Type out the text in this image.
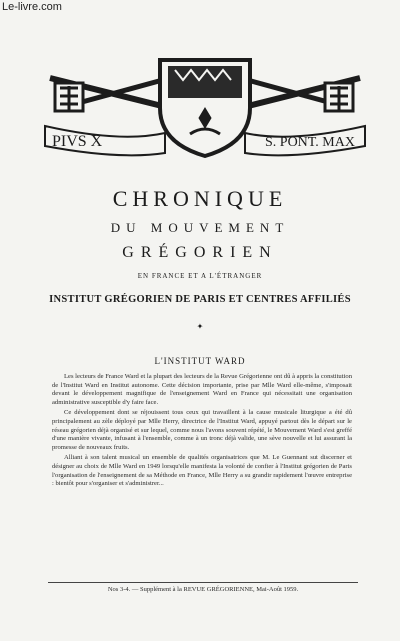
Le-livre.com
PIVS X	S. PONT. MAX
CHRONIQUE
DU MOUVEMENT
GRÉGORIEN
EN FRANCE ET A L'ÉTRANGER
INSTITUT GRÉGORIEN DE PARIS ET CENTRES AFFILIÉS
✦
L'INSTITUT WARD

Les lecteurs de France Ward et la plupart des lecteurs de la Revue Grégorienne ont dû à appris la constitution de l'Institut Ward en Institut autonome. Cette décision importante, prise par Mlle Ward elle-même, s'imposait devant le développement magnifique de l'enseignement Ward en France qui nécessitait une organisation administrative susceptible d'y faire face.

Ce développement dont se réjouissent tous ceux qui travaillent à la cause musicale liturgique a été dû principalement au zèle déployé par Mlle Herry, directrice de l'Institut Ward, appuyé partout dès le départ sur le réseau grégorien déjà organisé et sur lequel, comme nous l'avons souvent répété, le Mouvement Ward s'est greffé d'une manière vivante, infusant à l'ensemble, comme à un tronc déjà valide, une sève nouvelle et lui assurant la promesse de nouveaux fruits.

Alliant à son talent musical un ensemble de qualités organisatrices que M. Le Guennant sut discerner et désigner au choix de Mlle Ward en 1949 lorsqu'elle manifesta la volonté de confier à l'Institut grégorien de Paris l'organisation de l'enseignement de sa Méthode en France, Mlle Herry a su grandir rapidement l'œuvre entreprise : bientôt pour s'organiser et s'administrer...

Nos 3-4. — Supplément à la REVUE GRÉGORIENNE, Mai-Août 1959.
